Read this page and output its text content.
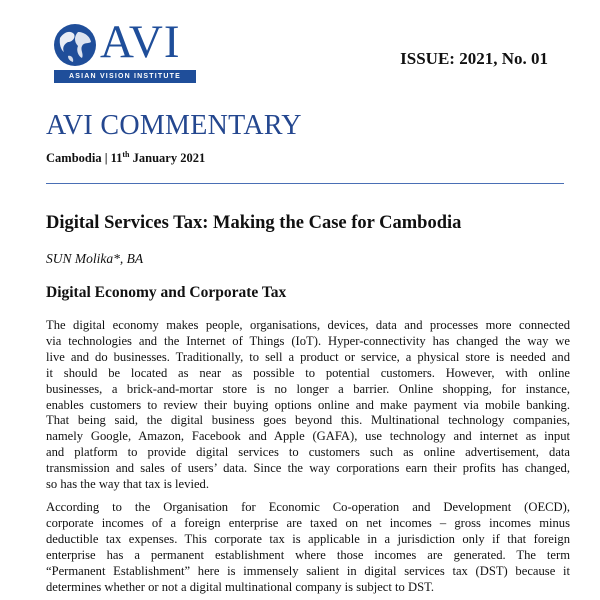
AVI
ASIAN VISION INSTITUTE
ISSUE: 2021, No. 01
AVI COMMENTARY
Cambodia | 11th January 2021
Digital Services Tax: Making the Case for Cambodia
SUN Molika*, BA
Digital Economy and Corporate Tax
The digital economy makes people, organisations, devices, data and processes more connected
via technologies and the Internet of Things (IoT). Hyper-connectivity has changed the way we
live and do businesses. Traditionally, to sell a product or service, a physical store is needed and
it should be located as near as possible to potential customers. However, with online
businesses, a brick-and-mortar store is no longer a barrier. Online shopping, for instance,
enables customers to review their buying options online and make payment via mobile banking.
That being said, the digital business goes beyond this. Multinational technology companies,
namely Google, Amazon, Facebook and Apple (GAFA), use technology and internet as input
and platform to provide digital services to customers such as online advertisement, data
transmission and sales of users’ data. Since the way corporations earn their profits has changed,
so has the way that tax is levied.
According to the Organisation for Economic Co-operation and Development (OECD),
corporate incomes of a foreign enterprise are taxed on net incomes – gross incomes minus
deductible tax expenses. This corporate tax is applicable in a jurisdiction only if that foreign
enterprise has a permanent establishment where those incomes are generated. The term
“Permanent Establishment” here is immensely salient in digital services tax (DST) because it
determines whether or not a digital multinational company is subject to DST.
